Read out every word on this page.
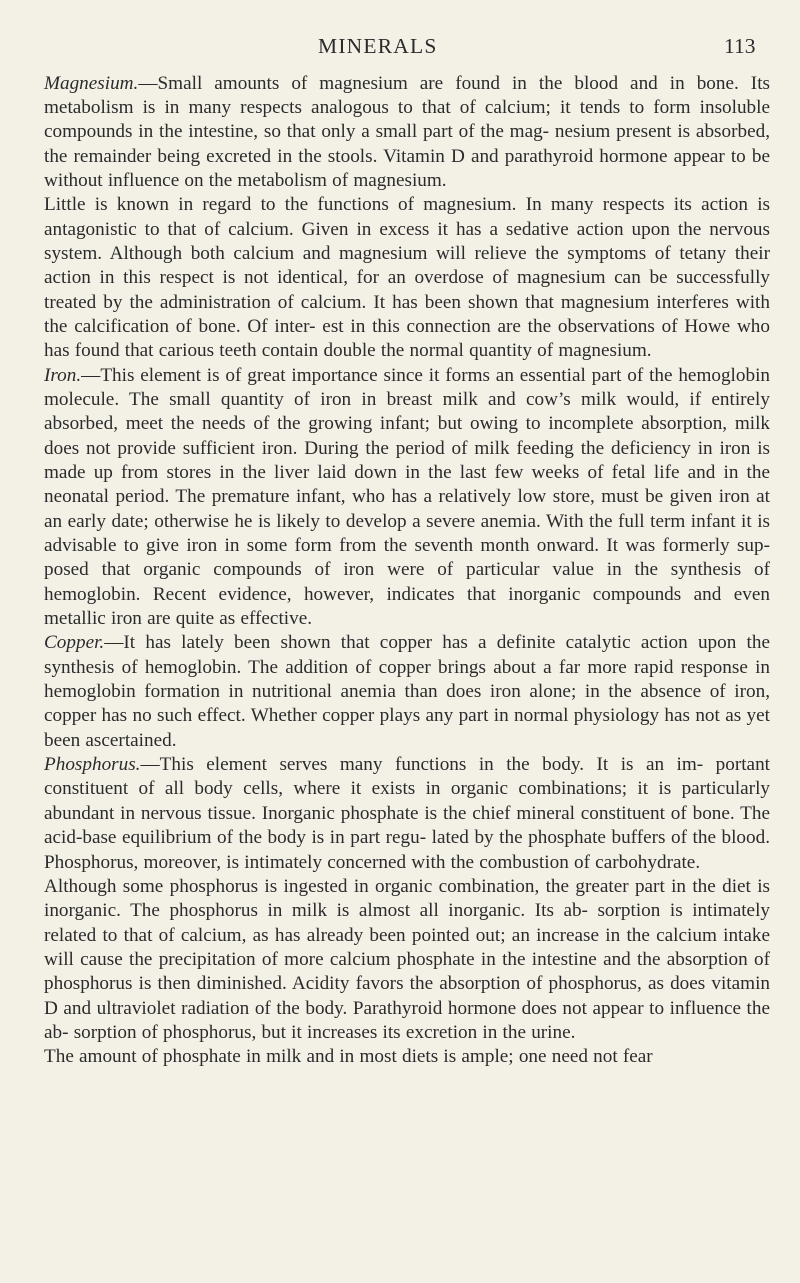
MINERALS	113

Magnesium.—Small amounts of magnesium are found in the blood and in bone. Its metabolism is in many respects analogous to that of calcium; it tends to form insoluble compounds in the intestine, so that only a small part of the mag- nesium present is absorbed, the remainder being excreted in the stools. Vitamin D and parathyroid hormone appear to be without influence on the metabolism of magnesium.

Little is known in regard to the functions of magnesium. In many respects its action is antagonistic to that of calcium. Given in excess it has a sedative action upon the nervous system. Although both calcium and magnesium will relieve the symptoms of tetany their action in this respect is not identical, for an overdose of magnesium can be successfully treated by the administration of calcium. It has been shown that magnesium interferes with the calcification of bone. Of inter- est in this connection are the observations of Howe who has found that carious teeth contain double the normal quantity of magnesium.

Iron.—This element is of great importance since it forms an essential part of the hemoglobin molecule. The small quantity of iron in breast milk and cow’s milk would, if entirely absorbed, meet the needs of the growing infant; but owing to incomplete absorption, milk does not provide sufficient iron. During the period of milk feeding the deficiency in iron is made up from stores in the liver laid down in the last few weeks of fetal life and in the neonatal period. The premature infant, who has a relatively low store, must be given iron at an early date; otherwise he is likely to develop a severe anemia. With the full term infant it is advisable to give iron in some form from the seventh month onward. It was formerly sup- posed that organic compounds of iron were of particular value in the synthesis of hemoglobin. Recent evidence, however, indicates that inorganic compounds and even metallic iron are quite as effective.

Copper.—It has lately been shown that copper has a definite catalytic action upon the synthesis of hemoglobin. The addition of copper brings about a far more rapid response in hemoglobin formation in nutritional anemia than does iron alone; in the absence of iron, copper has no such effect. Whether copper plays any part in normal physiology has not as yet been ascertained.

Phosphorus.—This element serves many functions in the body. It is an im- portant constituent of all body cells, where it exists in organic combinations; it is particularly abundant in nervous tissue. Inorganic phosphate is the chief mineral constituent of bone. The acid-base equilibrium of the body is in part regu- lated by the phosphate buffers of the blood. Phosphorus, moreover, is intimately concerned with the combustion of carbohydrate.

Although some phosphorus is ingested in organic combination, the greater part in the diet is inorganic. The phosphorus in milk is almost all inorganic. Its ab- sorption is intimately related to that of calcium, as has already been pointed out; an increase in the calcium intake will cause the precipitation of more calcium phosphate in the intestine and the absorption of phosphorus is then diminished. Acidity favors the absorption of phosphorus, as does vitamin D and ultraviolet radiation of the body. Parathyroid hormone does not appear to influence the ab- sorption of phosphorus, but it increases its excretion in the urine.

The amount of phosphate in milk and in most diets is ample; one need not fear
